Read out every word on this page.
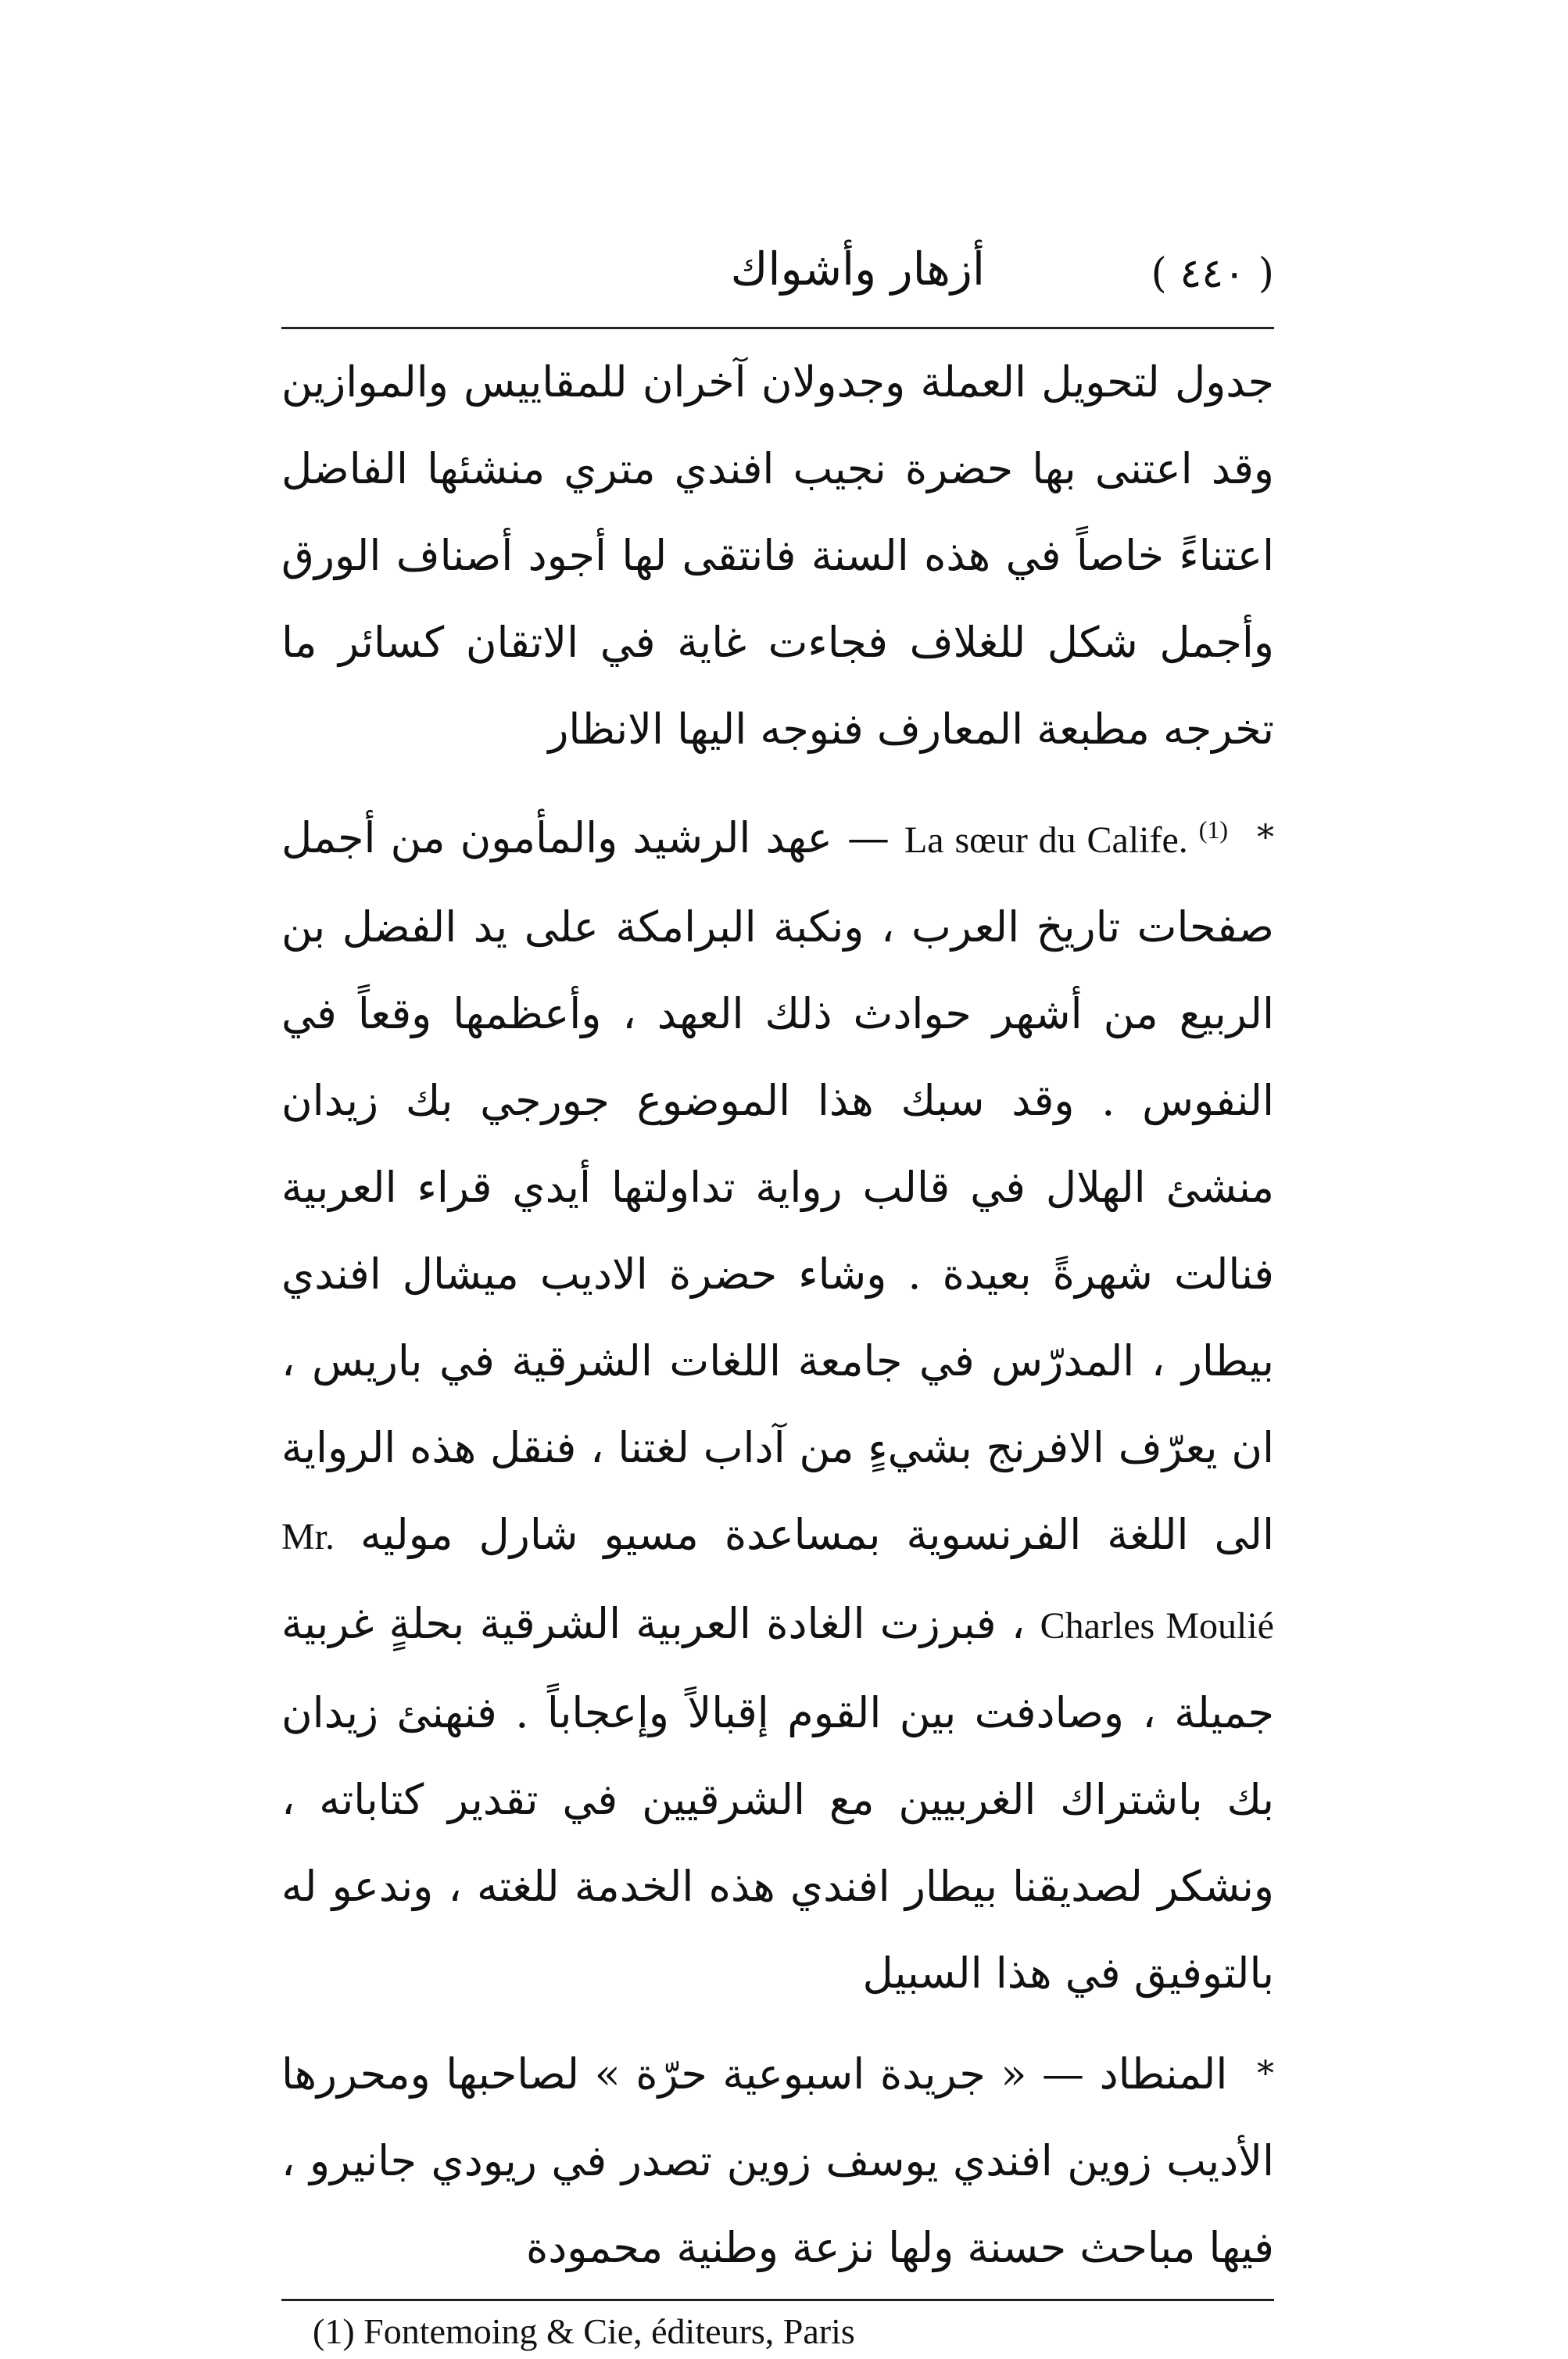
( ٤٤٠ )
أزهار وأشواك

جدول لتحويل العملة وجدولان آخران للمقاييس والموازين وقد اعتنى بها حضرة نجيب افندي متري منشئها الفاضل اعتناءً خاصاً في هذه السنة فانتقى لها أجود أصناف الورق وأجمل شكل للغلاف فجاءت غاية في الاتقان كسائر ما تخرجه مطبعة المعارف فنوجه اليها الانظار

* La sœur du Calife. $^{(1)}$ — عهد الرشيد والمأمون من أجمل صفحات تاريخ العرب ، ونكبة البرامكة على يد الفضل بن الربيع من أشهر حوادث ذلك العهد ، وأعظمها وقعاً في النفوس . وقد سبك هذا الموضوع جورجي بك زيدان منشئ الهلال في قالب رواية تداولتها أيدي قراء العربية فنالت شهرةً بعيدة . وشاء حضرة الاديب ميشال افندي بيطار ، المدرّس في جامعة اللغات الشرقية في باريس ، ان يعرّف الافرنج بشيءٍ من آداب لغتنا ، فنقل هذه الرواية الى اللغة الفرنسوية بمساعدة مسيو شارل موليه Mr. Charles Moulié ، فبرزت الغادة العربية الشرقية بحلةٍ غربية جميلة ، وصادفت بين القوم إقبالاً وإعجاباً . فنهنئ زيدان بك باشتراك الغربيين مع الشرقيين في تقدير كتاباته ، ونشكر لصديقنا بيطار افندي هذه الخدمة للغته ، وندعو له بالتوفيق في هذا السبيل

* المنطاد — « جريدة اسبوعية حرّة » لصاحبها ومحررها الأديب زوين افندي يوسف زوين تصدر في ريودي جانيرو ، فيها مباحث حسنة ولها نزعة وطنية محمودة

(1) Fontemoing & Cie, éditeurs, Paris
